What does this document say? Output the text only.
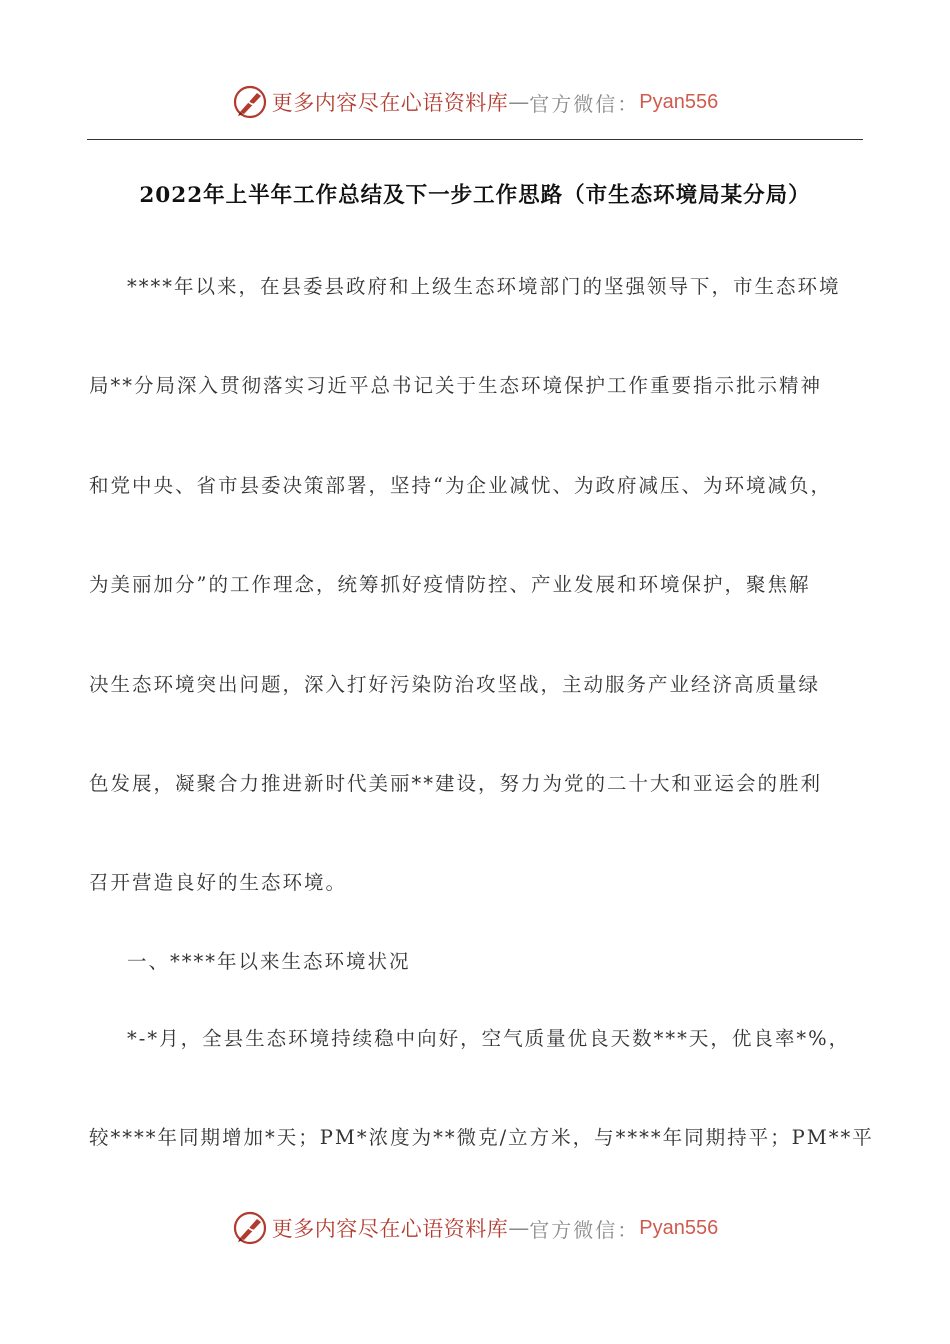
更多内容尽在心语资料库 — 官方微信： Pyan556
2022年上半年工作总结及下一步工作思路（市生态环境局某分局）
****年以来，在县委县政府和上级生态环境部门的坚强领导下，市生态环境
局**分局深入贯彻落实习近平总书记关于生态环境保护工作重要指示批示精神
和党中央、省市县委决策部署，坚持“为企业减忧、为政府减压、为环境减负，
为美丽加分”的工作理念，统筹抓好疫情防控、产业发展和环境保护，聚焦解
决生态环境突出问题，深入打好污染防治攻坚战，主动服务产业经济高质量绿
色发展，凝聚合力推进新时代美丽**建设，努力为党的二十大和亚运会的胜利
召开营造良好的生态环境。
一、****年以来生态环境状况
*-*月，全县生态环境持续稳中向好，空气质量优良天数***天，优良率*%，
较****年同期增加*天；PM*浓度为**微克/立方米，与****年同期持平；PM**平
更多内容尽在心语资料库 — 官方微信： Pyan556
